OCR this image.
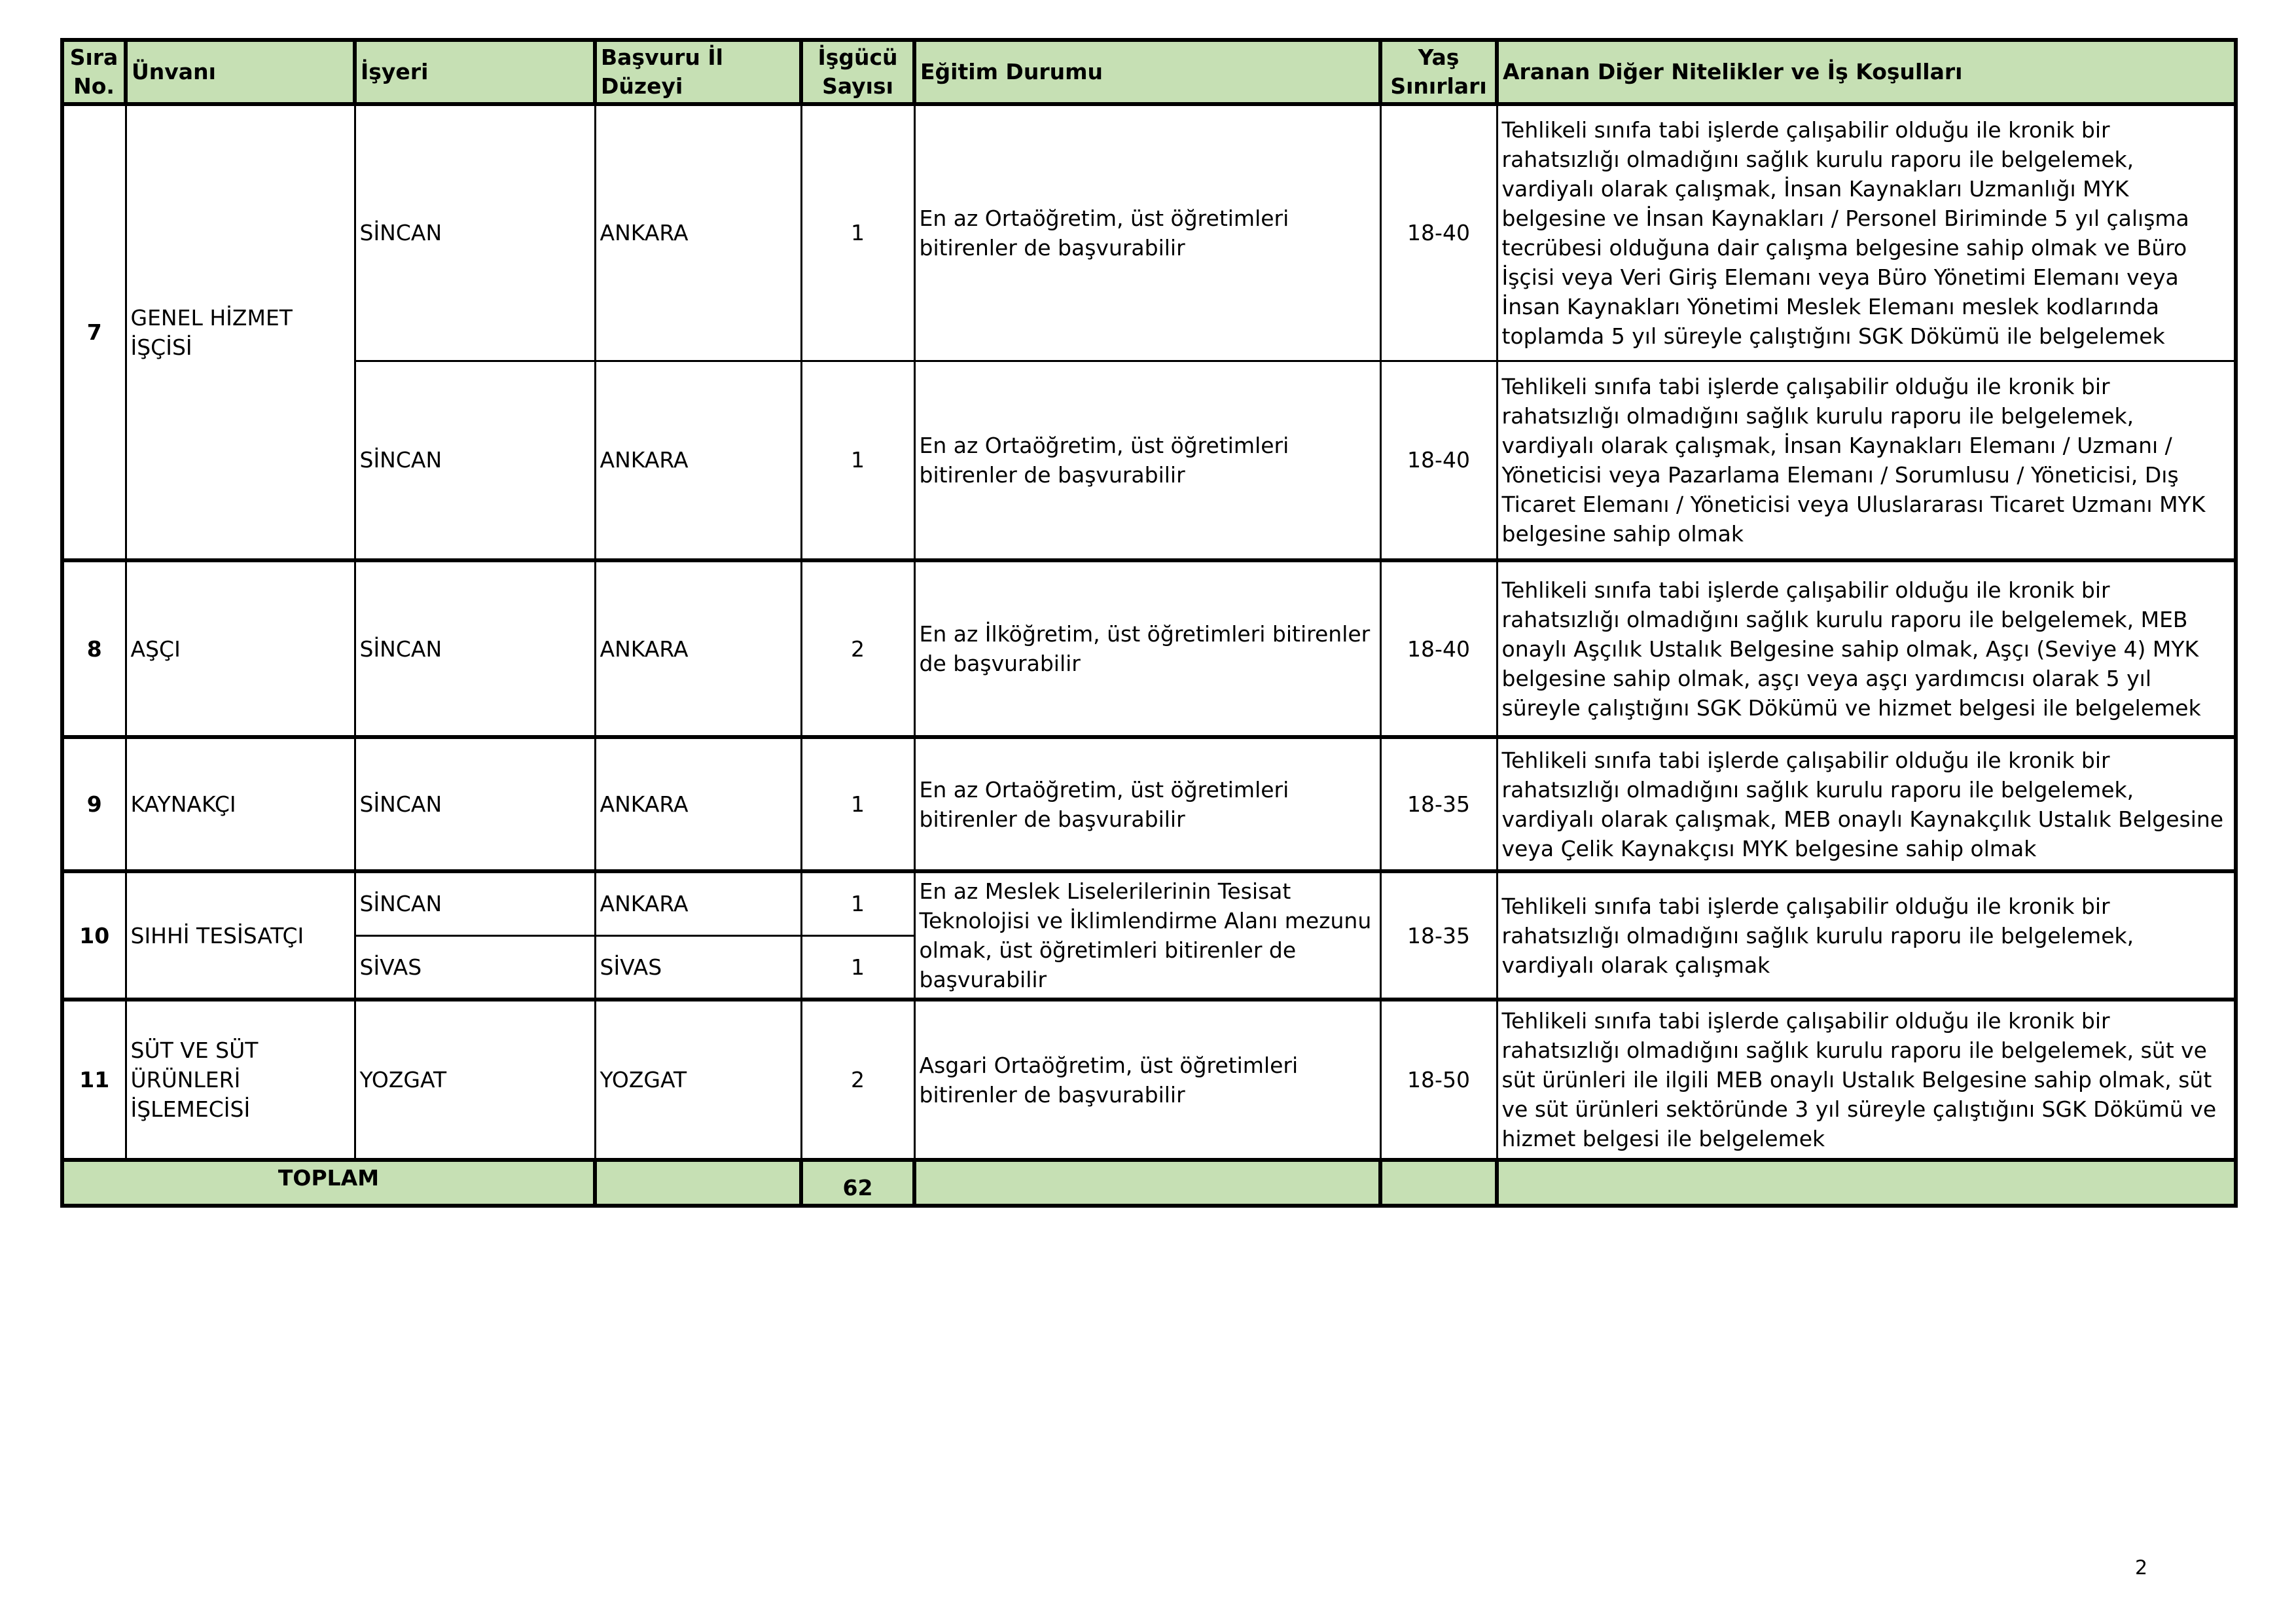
Sıra No.	Ünvanı	İşyeri	Başvuru İl Düzeyi	İşgücü Sayısı	Eğitim Durumu	Yaş Sınırları	Aranan Diğer Nitelikler ve İş Koşulları
7	GENEL HİZMET İŞÇİSİ	SİNCAN	ANKARA	1	En az Ortaöğretim, üst öğretimleri bitirenler de başvurabilir	18-40	Tehlikeli sınıfa tabi işlerde çalışabilir olduğu ile kronik bir rahatsızlığı olmadığını sağlık kurulu raporu ile belgelemek, vardiyalı olarak çalışmak, İnsan Kaynakları Uzmanlığı MYK belgesine ve İnsan Kaynakları / Personel Biriminde 5 yıl çalışma tecrübesi olduğuna dair çalışma belgesine sahip olmak ve Büro İşçisi veya Veri Giriş Elemanı veya Büro Yönetimi Elemanı veya İnsan Kaynakları Yönetimi Meslek Elemanı meslek kodlarında toplamda 5 yıl süreyle çalıştığını SGK Dökümü ile belgelemek
		SİNCAN	ANKARA	1	En az Ortaöğretim, üst öğretimleri bitirenler de başvurabilir	18-40	Tehlikeli sınıfa tabi işlerde çalışabilir olduğu ile kronik bir rahatsızlığı olmadığını sağlık kurulu raporu ile belgelemek, vardiyalı olarak çalışmak, İnsan Kaynakları Elemanı / Uzmanı / Yöneticisi veya Pazarlama Elemanı / Sorumlusu / Yöneticisi, Dış Ticaret Elemanı / Yöneticisi veya Uluslararası Ticaret Uzmanı MYK belgesine sahip olmak
8	AŞÇI	SİNCAN	ANKARA	2	En az İlköğretim, üst öğretimleri bitirenler de başvurabilir	18-40	Tehlikeli sınıfa tabi işlerde çalışabilir olduğu ile kronik bir rahatsızlığı olmadığını sağlık kurulu raporu ile belgelemek, MEB onaylı Aşçılık Ustalık Belgesine sahip olmak, Aşçı (Seviye 4) MYK belgesine sahip olmak, aşçı veya aşçı yardımcısı olarak 5 yıl süreyle çalıştığını SGK Dökümü ve hizmet belgesi ile belgelemek
9	KAYNAKÇI	SİNCAN	ANKARA	1	En az Ortaöğretim, üst öğretimleri bitirenler de başvurabilir	18-35	Tehlikeli sınıfa tabi işlerde çalışabilir olduğu ile kronik bir rahatsızlığı olmadığını sağlık kurulu raporu ile belgelemek, vardiyalı olarak çalışmak, MEB onaylı Kaynakçılık Ustalık Belgesine veya Çelik Kaynakçısı MYK belgesine sahip olmak
10	SIHHİ TESİSATÇI	SİNCAN	ANKARA	1	En az Meslek Liselerilerinin Tesisat Teknolojisi ve İklimlendirme Alanı mezunu olmak, üst öğretimleri bitirenler de başvurabilir	18-35	Tehlikeli sınıfa tabi işlerde çalışabilir olduğu ile kronik bir rahatsızlığı olmadığını sağlık kurulu raporu ile belgelemek, vardiyalı olarak çalışmak
		SİVAS	SİVAS	1			
11	SÜT VE SÜT ÜRÜNLERİ İŞLEMECİSİ	YOZGAT	YOZGAT	2	Asgari Ortaöğretim, üst öğretimleri bitirenler de başvurabilir	18-50	Tehlikeli sınıfa tabi işlerde çalışabilir olduğu ile kronik bir rahatsızlığı olmadığını sağlık kurulu raporu ile belgelemek, süt ve süt ürünleri ile ilgili MEB onaylı Ustalık Belgesine sahip olmak, süt ve süt ürünleri sektöründe 3 yıl süreyle çalıştığını SGK Dökümü ve hizmet belgesi ile belgelemek
TOPLAM				62			
2
